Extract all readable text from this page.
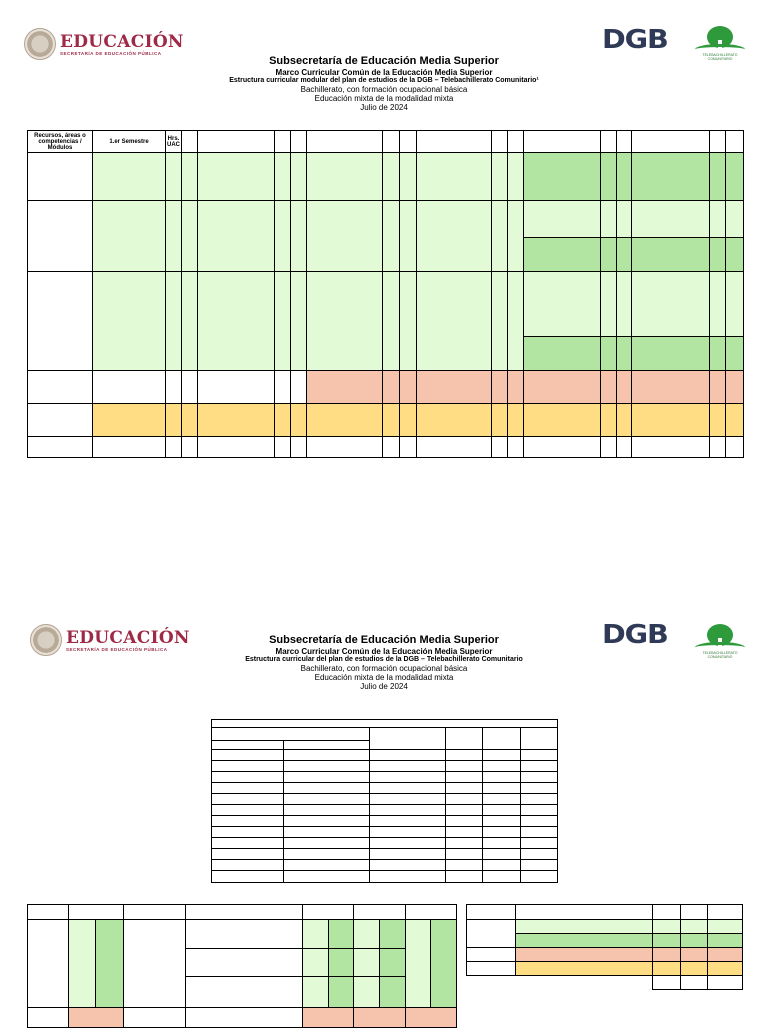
EDUCACIÓN
SECRETARÍA DE EDUCACIÓN PÚBLICA	DGB	TELEBACHILLERATO COMUNITARIO
Subsecretaría de Educación Media Superior
Marco Curricular Común de la Educación Media Superior
Estructura curricular modular del plan de estudios de la DGB – Telebachillerato Comunitario¹
Bachillerato, con formación ocupacional básica
Educación mixta de la modalidad mixta
Julio de 2024
Recursos, áreas o competencias / Módulos	1.er Semestre	Hrs. UAC																

EDUCACIÓN
SECRETARÍA DE EDUCACIÓN PÚBLICA	DGB
TELEBACHILLERATO COMUNITARIO
Subsecretaría de Educación Media Superior
Marco Curricular Común de la Educación Media Superior
Estructura curricular del plan de estudios de la DGB – Telebachillerato Comunitario
Bachillerato, con formación ocupacional básica
Educación mixta de la modalidad mixta
Julio de 2024
